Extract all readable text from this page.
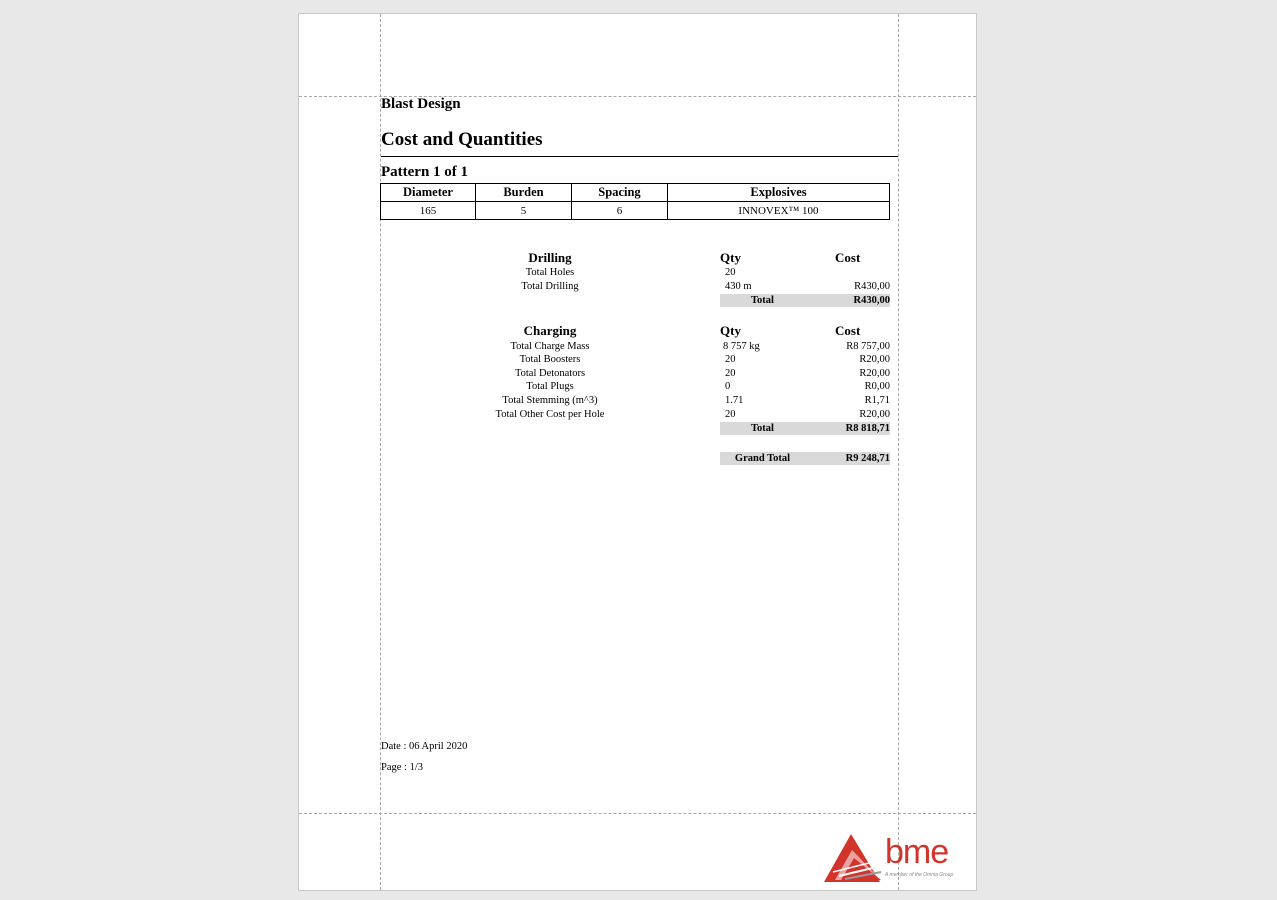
Blast Design
Cost and Quantities
Pattern 1 of 1
Diameter	Burden	Spacing	Explosives
165	5	6	INNOVEX™ 100
Drilling	Qty	Cost
Total Holes	20
Total Drilling	430 m	R430,00
Total	R430,00
Charging	Qty	Cost
Total Charge Mass	8 757 kg	R8 757,00
Total Boosters	20	R20,00
Total Detonators	20	R20,00
Total Plugs	0	R0,00
Total Stemming (m^3)	1.71	R1,71
Total Other Cost per Hole	20	R20,00
Total	R8 818,71
Grand Total	R9 248,71
Date : 06 April 2020
Page : 1/3
bme
A member of the Omnia Group
